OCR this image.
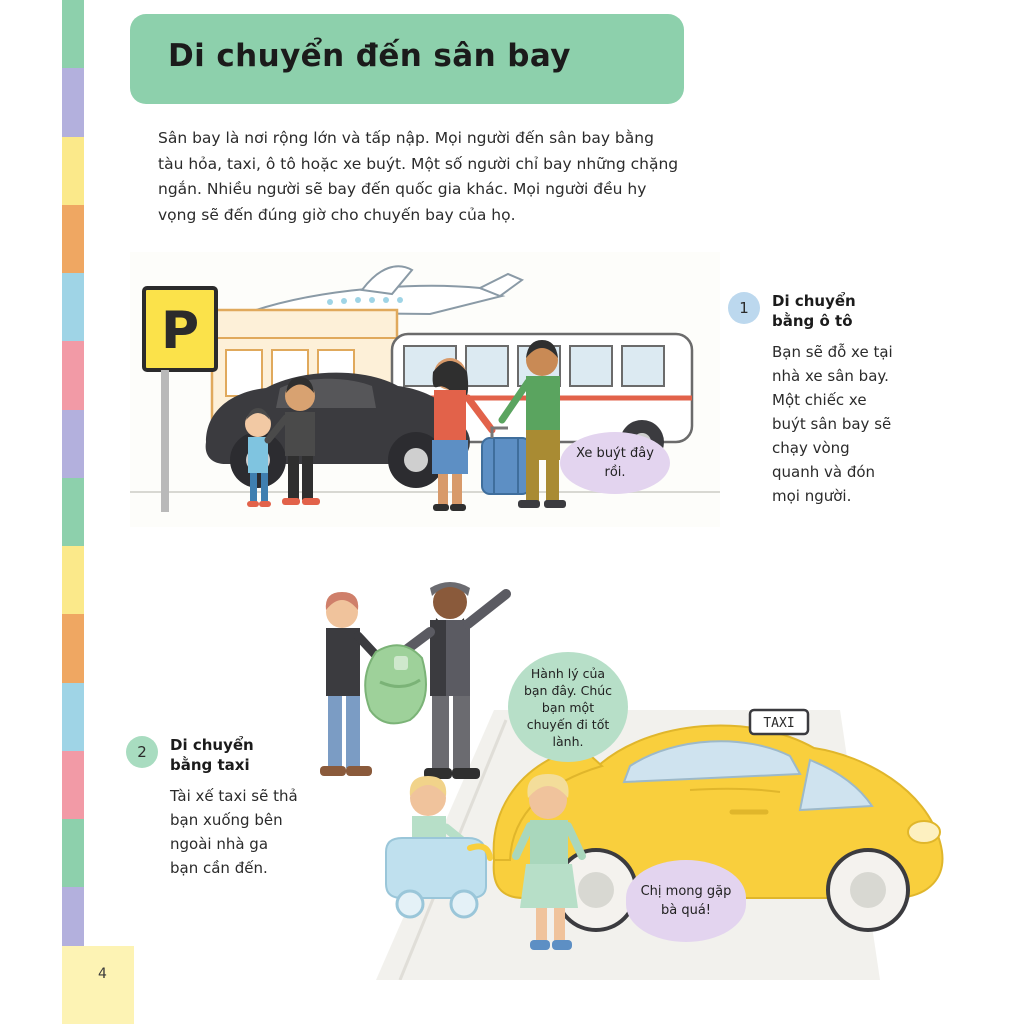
4
Di chuyển đến sân bay
Sân bay là nơi rộng lớn và tấp nập. Mọi người đến sân bay bằng tàu hỏa, taxi, ô tô hoặc xe buýt. Một số người chỉ bay những chặng ngắn. Nhiều người sẽ bay đến quốc gia khác. Mọi người đều hy vọng sẽ đến đúng giờ cho chuyến bay của họ.
P	1	Di chuyển bằng ô tô
Bạn sẽ đỗ xe tại nhà xe sân bay. Một chiếc xe buýt sân bay sẽ chạy vòng quanh và đón mọi người.
Xe buýt đây rồi.
TAXI
2	Di chuyển bằng taxi
Tài xế taxi sẽ thả bạn xuống bên ngoài nhà ga bạn cần đến.
Hành lý của bạn đây. Chúc bạn một chuyến đi tốt lành.
Chị mong gặp bà quá!
